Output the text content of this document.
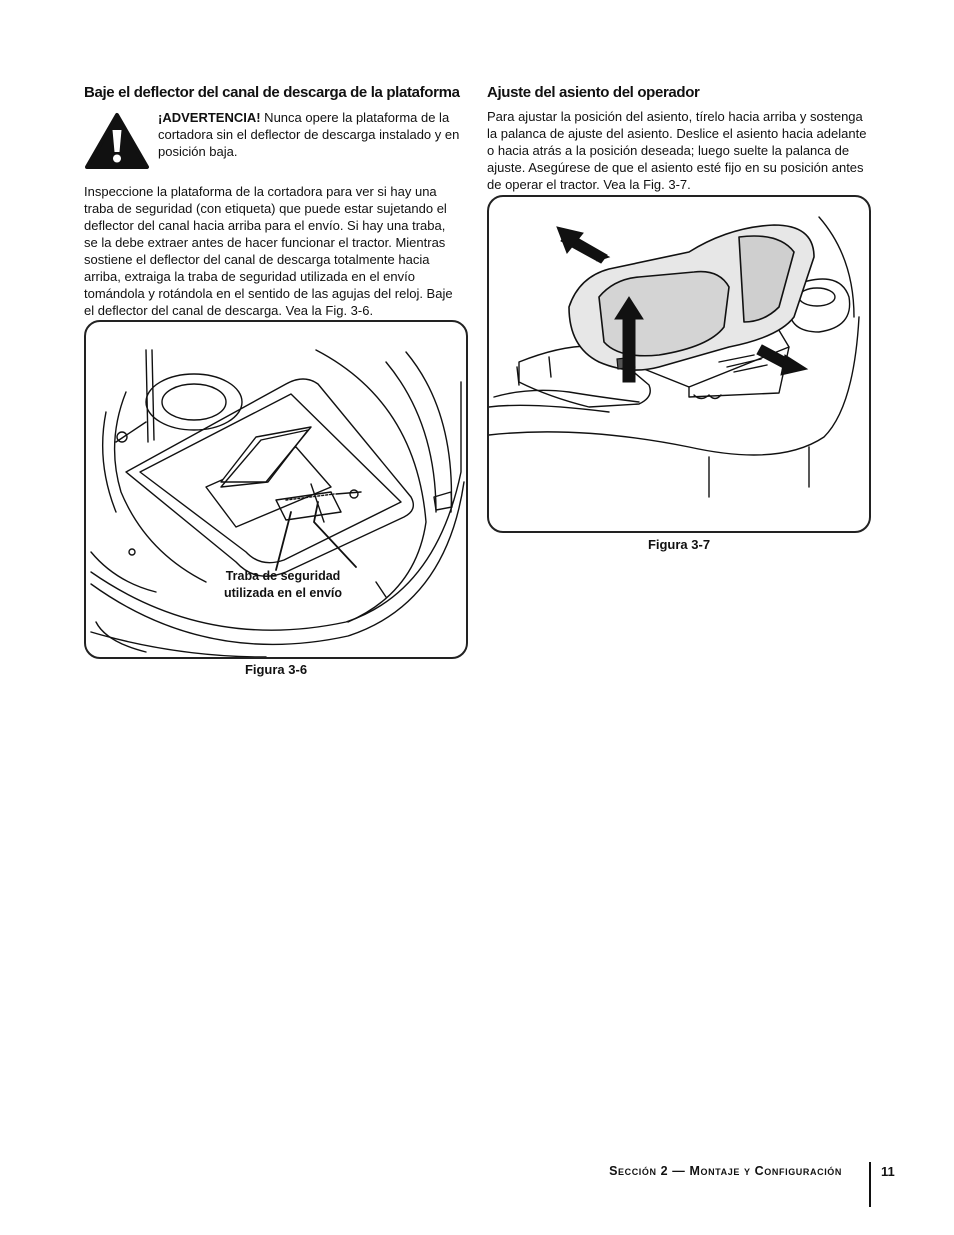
Baje el deflector del canal de descarga de la plataforma

¡ADVERTENCIA! Nunca opere la plataforma de la cortadora sin el deflector de descarga instalado y en posición baja.

Inspeccione la plataforma de la cortadora para ver si hay una traba de seguridad (con etiqueta) que puede estar sujetando el deflector del canal hacia arriba para el envío. Si hay una traba, se la debe extraer antes de hacer funcionar el tractor. Mientras sostiene el deflector del canal de descarga totalmente hacia arriba, extraiga la traba de seguridad utilizada en el envío tomándola y rotándola en el sentido de las agujas del reloj. Baje el deflector del canal de descarga. Vea la Fig. 3-6.

Traba de seguridad utilizada en el envío

Figura 3-6

Ajuste del asiento del operador

Para ajustar la posición del asiento, tírelo hacia arriba y sostenga la palanca de ajuste del asiento. Deslice el asiento hacia adelante o hacia atrás a la posición deseada; luego suelte la palanca de ajuste. Asegúrese de que el asiento esté fijo en su posición antes de operar el tractor. Vea la Fig. 3-7.

Figura 3-7

Sección 2 — Montaje y Configuración	11
